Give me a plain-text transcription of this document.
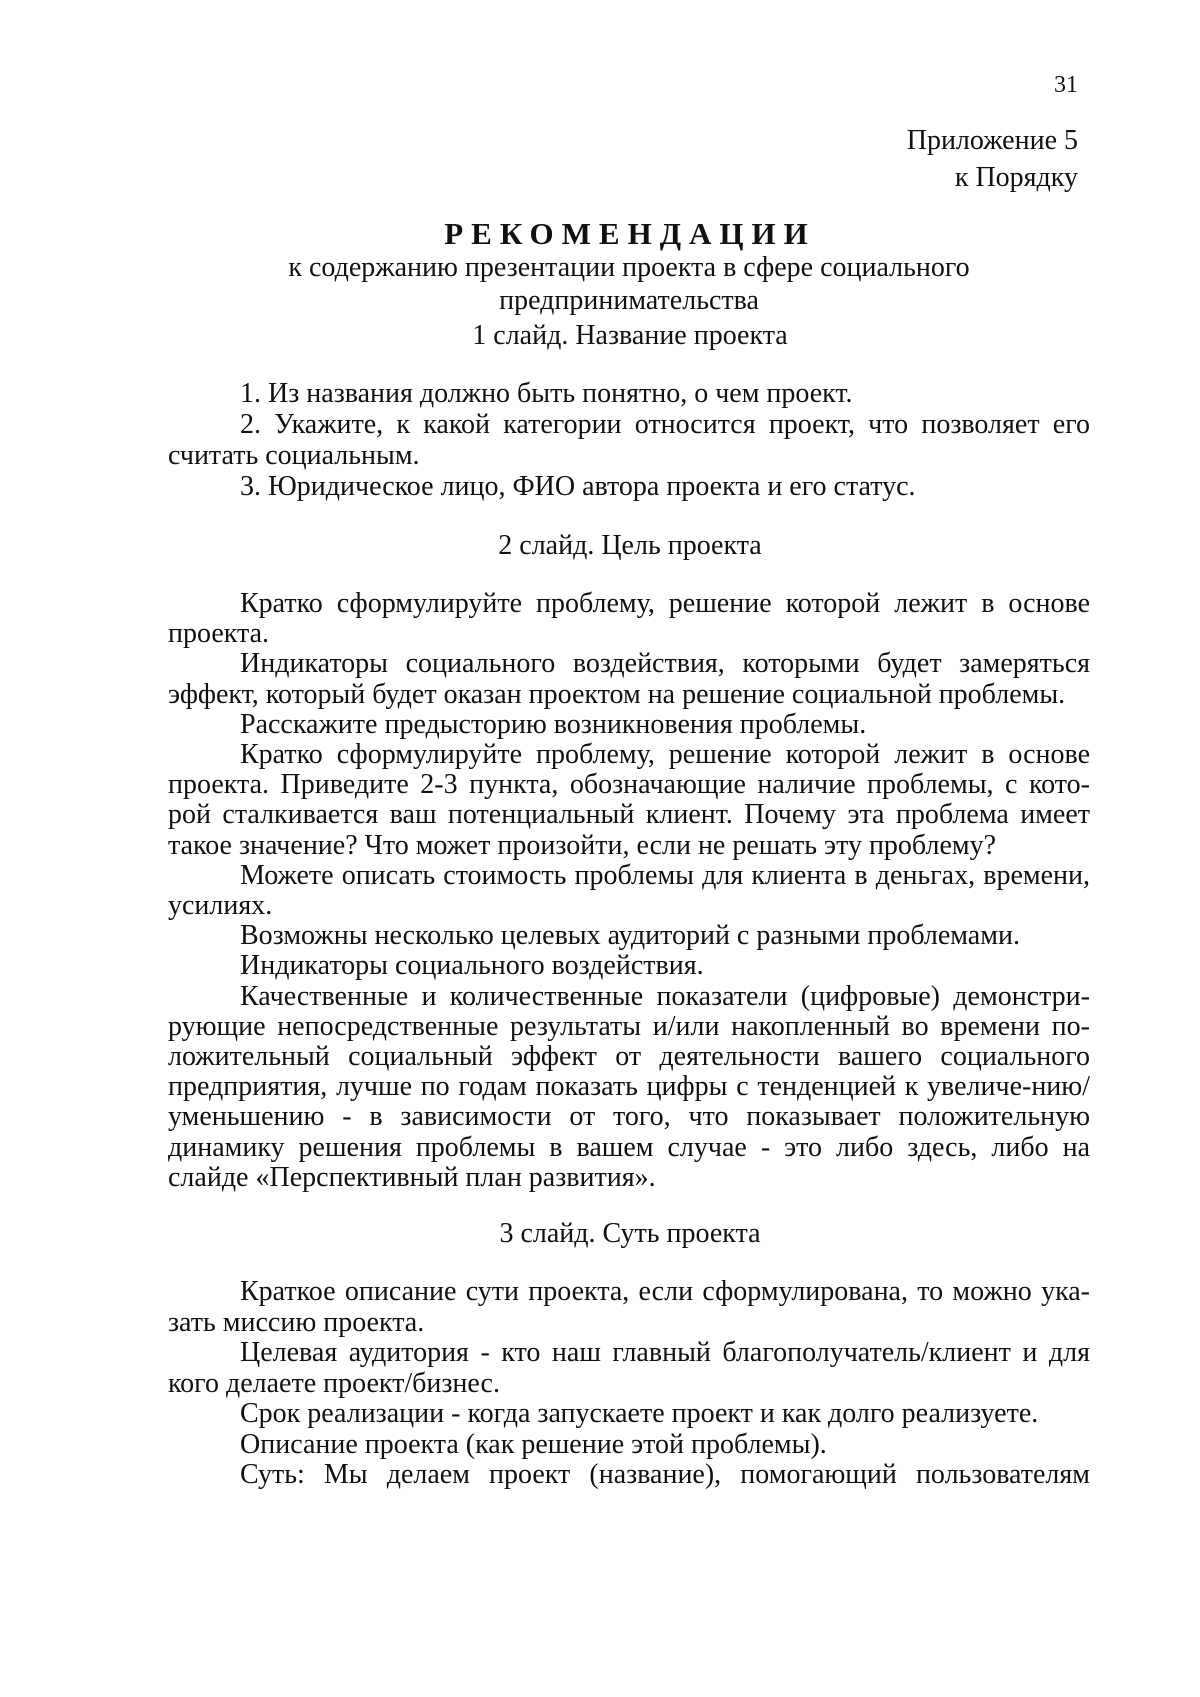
31
Приложение 5
к Порядку
РЕКОМЕНДАЦИИ
к содержанию презентации проекта в сфере социального предпринимательства
1 слайд. Название проекта

1. Из названия должно быть понятно, о чем проект.

2. Укажите, к какой категории относится проект, что позволяет его считать социальным.

3. Юридическое лицо, ФИО автора проекта и его статус.

2 слайд. Цель проекта

Кратко сформулируйте проблему, решение которой лежит в основе проекта.

Индикаторы социального воздействия, которыми будет замеряться эффект, который будет оказан проектом на решение социальной проблемы.

Расскажите предысторию возникновения проблемы.

Кратко сформулируйте проблему, решение которой лежит в основе проекта. Приведите 2-3 пункта, обозначающие наличие проблемы, с кото-рой сталкивается ваш потенциальный клиент. Почему эта проблема имеет такое значение? Что может произойти, если не решать эту проблему?

Можете описать стоимость проблемы для клиента в деньгах, времени, усилиях.

Возможны несколько целевых аудиторий с разными проблемами.

Индикаторы социального воздействия.

Качественные и количественные показатели (цифровые) демонстри-рующие непосредственные результаты и/или накопленный во времени по-ложительный социальный эффект от деятельности вашего социального предприятия, лучше по годам показать цифры с тенденцией к увеличе-нию/уменьшению - в зависимости от того, что показывает положительную динамику решения проблемы в вашем случае - это либо здесь, либо на слайде «Перспективный план развития».

3 слайд. Суть проекта

Краткое описание сути проекта, если сформулирована, то можно ука-зать миссию проекта.

Целевая аудитория - кто наш главный благополучатель/клиент и для кого делаете проект/бизнес.

Срок реализации - когда запускаете проект и как долго реализуете.

Описание проекта (как решение этой проблемы).

Суть: Мы делаем проект (название), помогающий пользователям
